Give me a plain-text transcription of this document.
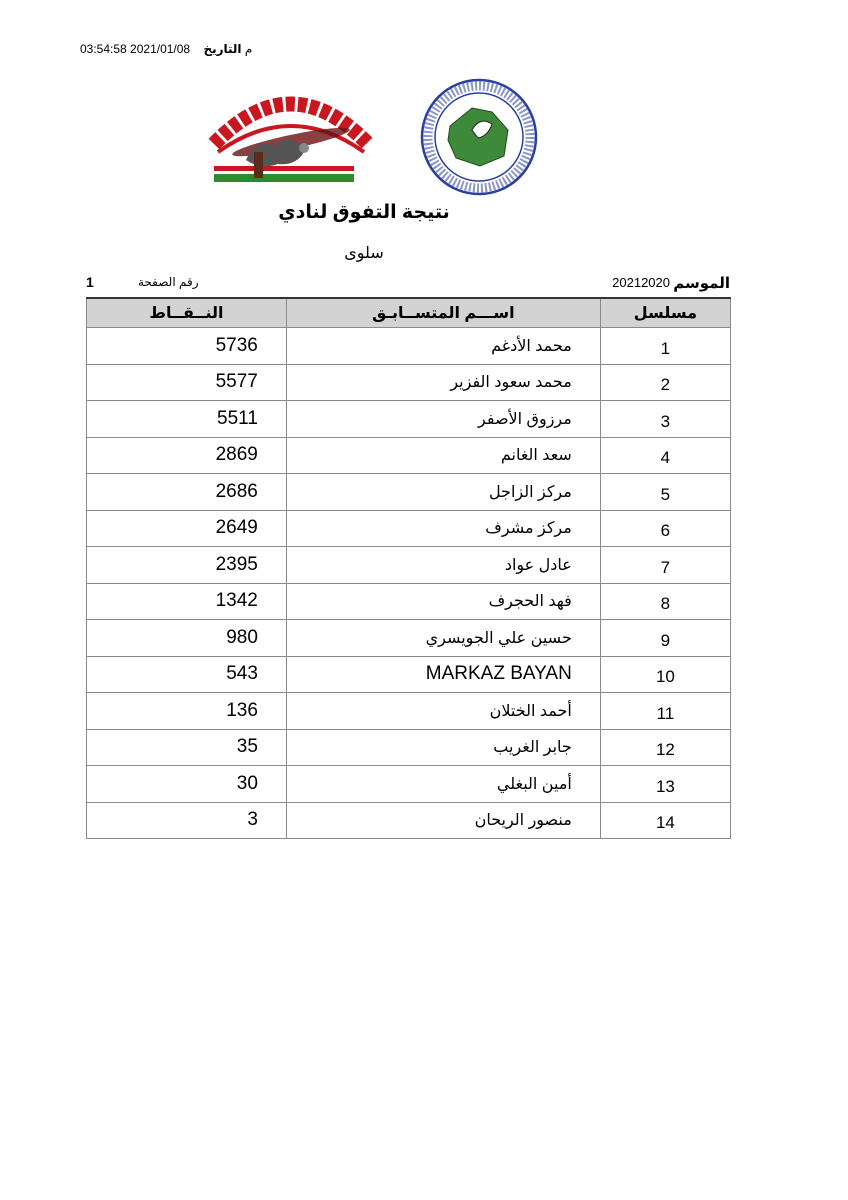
03:54:58 2021/01/08 م التاريخ
نتيجة التفوق لنادي
سلوى
الموسم
20212020
رقم الصفحة
1
مسلسل	اســـم المتســابـق	النــقــاط
1	محمد الأدغم	5736
2	محمد سعود الفزير	5577
3	مرزوق الأصفر	5511
4	سعد الغانم	2869
5	مركز الزاجل	2686
6	مركز مشرف	2649
7	عادل عواد	2395
8	فهد الحجرف	1342
9	حسين علي الجويسري	980
10	MARKAZ BAYAN	543
11	أحمد الختلان	136
12	جابر الغريب	35
13	أمين البغلي	30
14	منصور الريحان	3
